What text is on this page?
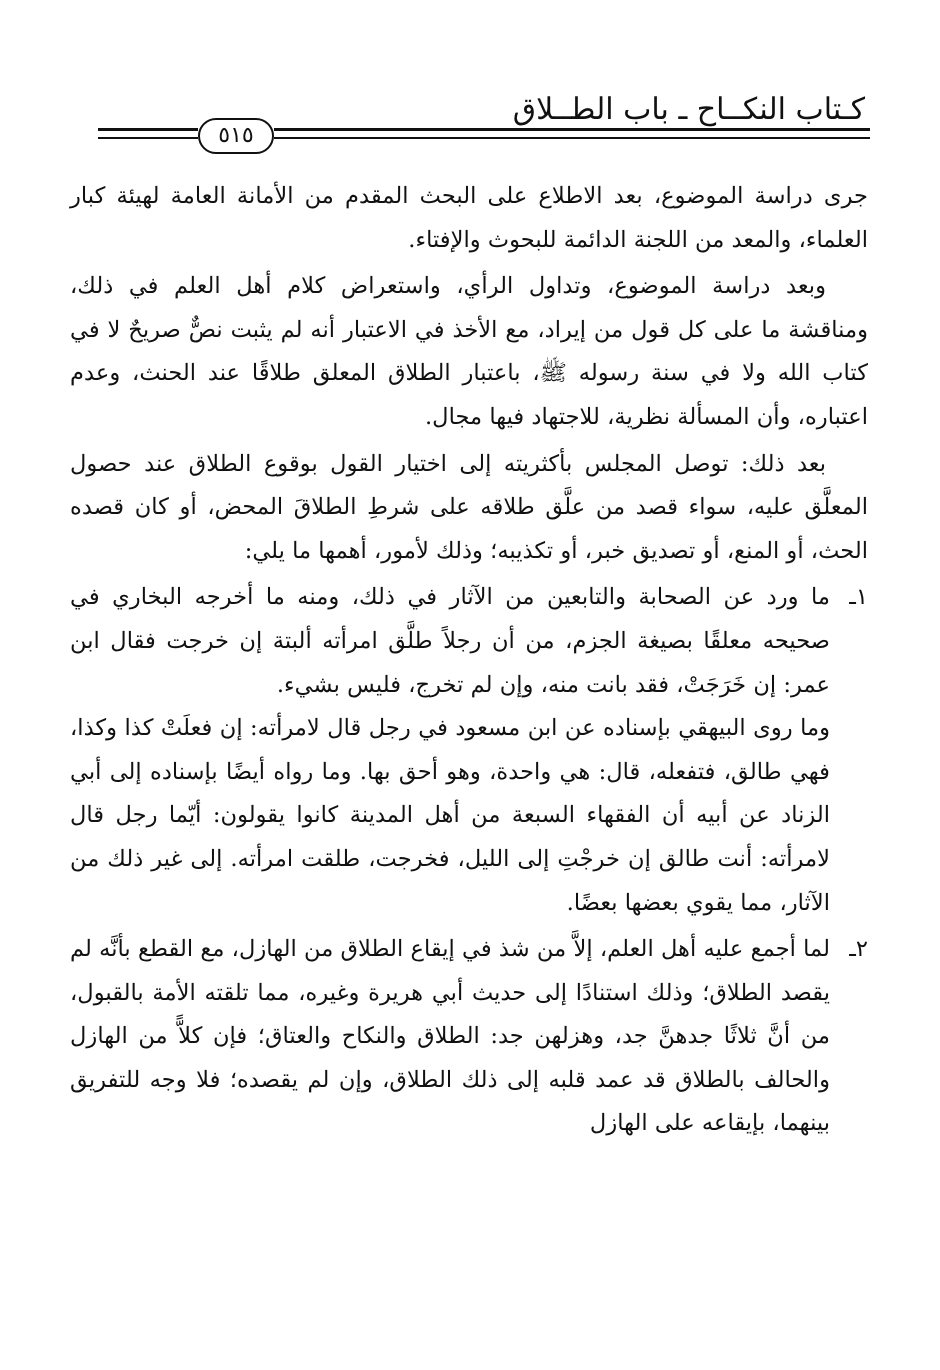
كـتاب النكــاح ـ باب الطــلاق
٥١٥

جرى دراسة الموضوع، بعد الاطلاع على البحث المقدم من الأمانة العامة لهيئة كبار العلماء، والمعد من اللجنة الدائمة للبحوث والإفتاء.

وبعد دراسة الموضوع، وتداول الرأي، واستعراض كلام أهل العلم في ذلك، ومناقشة ما على كل قول من إيراد، مع الأخذ في الاعتبار أنه لم يثبت نصٌّ صريحٌ لا في كتاب الله ولا في سنة رسوله ﷺ، باعتبار الطلاق المعلق طلاقًا عند الحنث، وعدم اعتباره، وأن المسألة نظرية، للاجتهاد فيها مجال.

بعد ذلك: توصل المجلس بأكثريته إلى اختيار القول بوقوع الطلاق عند حصول المعلَّق عليه، سواء قصد من علَّق طلاقه على شرطِ الطلاقَ المحض، أو كان قصده الحث، أو المنع، أو تصديق خبر، أو تكذيبه؛ وذلك لأمور، أهمها ما يلي:

١ـ

ما ورد عن الصحابة والتابعين من الآثار في ذلك، ومنه ما أخرجه البخاري في صحيحه معلقًا بصيغة الجزم، من أن رجلاً طلَّق امرأته ألبتة إن خرجت فقال ابن عمر: إن خَرَجَتْ، فقد بانت منه، وإن لم تخرج، فليس بشيء.

وما روى البيهقي بإسناده عن ابن مسعود في رجل قال لامرأته: إن فعلَتْ كذا وكذا، فهي طالق، فتفعله، قال: هي واحدة، وهو أحق بها. وما رواه أيضًا بإسناده إلى أبي الزناد عن أبيه أن الفقهاء السبعة من أهل المدينة كانوا يقولون: أيّما رجل قال لامرأته: أنت طالق إن خرجْتِ إلى الليل، فخرجت، طلقت امرأته. إلى غير ذلك من الآثار، مما يقوي بعضها بعضًا.

٢ـ

لما أجمع عليه أهل العلم، إلاَّ من شذ في إيقاع الطلاق من الهازل، مع القطع بأنَّه لم يقصد الطلاق؛ وذلك استنادًا إلى حديث أبي هريرة وغيره، مما تلقته الأمة بالقبول، من أنَّ ثلاثًا جدهنَّ جد، وهزلهن جد: الطلاق والنكاح والعتاق؛ فإن كلاًّ من الهازل والحالف بالطلاق قد عمد قلبه إلى ذلك الطلاق، وإن لم يقصده؛ فلا وجه للتفريق بينهما، بإيقاعه على الهازل
